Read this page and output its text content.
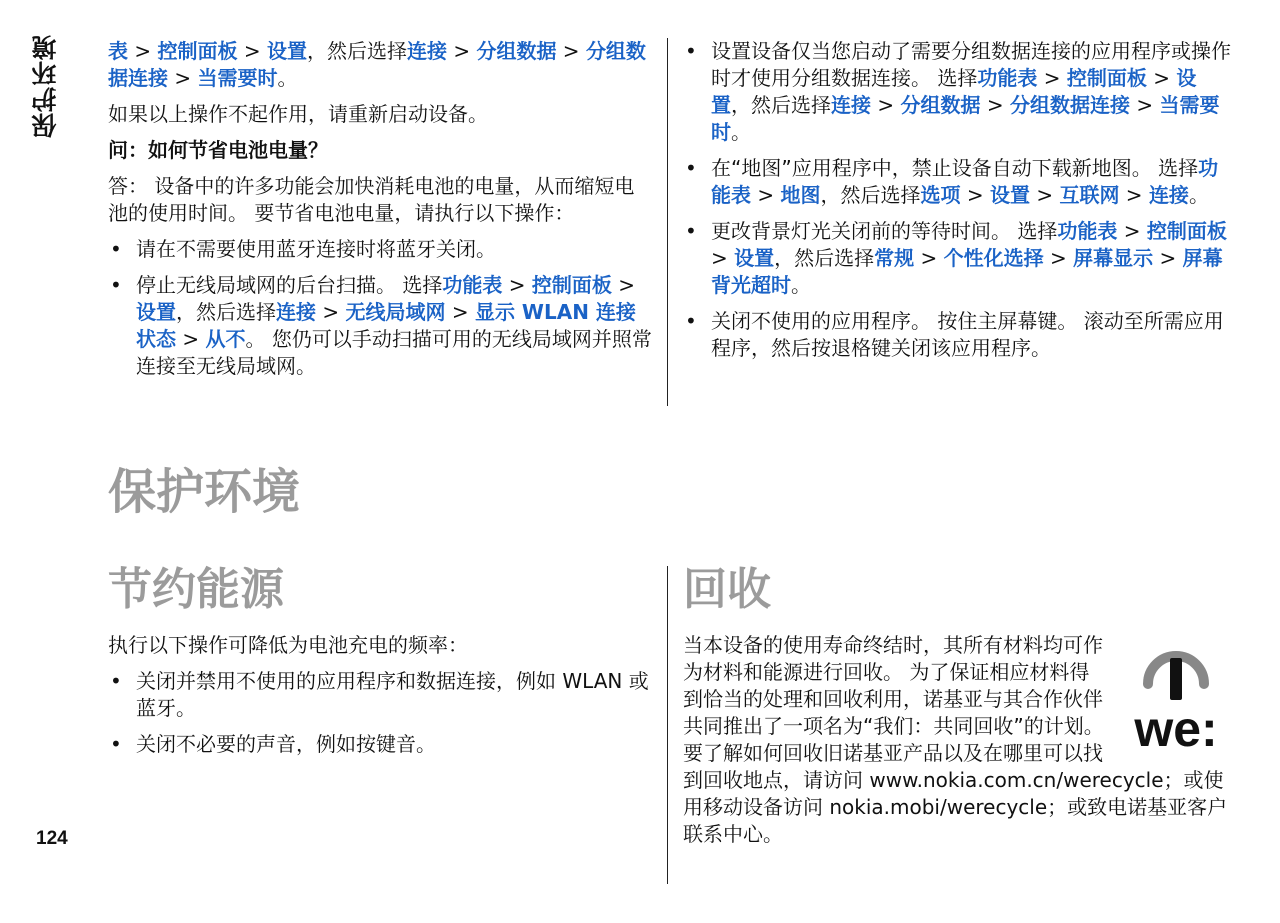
保护环境	表 > 控制面板 > 设置，然后选择连接 > 分组数据 > 分组数据连接 > 当需要时。

如果以上操作不起作用，请重新启动设备。

问：如何节省电池电量？

答： 设备中的许多功能会加快消耗电池的电量，从而缩短电池的使用时间。 要节省电池电量，请执行以下操作：

• 请在不需要使用蓝牙连接时将蓝牙关闭。
• 停止无线局域网的后台扫描。 选择功能表 > 控制面板 > 设置，然后选择连接 > 无线局域网 > 显示 WLAN 连接状态 > 从不。 您仍可以手动扫描可用的无线局域网并照常连接至无线局域网。
• 设置设备仅当您启动了需要分组数据连接的应用程序或操作时才使用分组数据连接。 选择功能表 > 控制面板 > 设置，然后选择连接 > 分组数据 > 分组数据连接 > 当需要时。
• 在“地图”应用程序中，禁止设备自动下载新地图。 选择功能表 > 地图，然后选择选项 > 设置 > 互联网 > 连接。
• 更改背景灯光关闭前的等待时间。 选择功能表 > 控制面板 > 设置，然后选择常规 > 个性化选择 > 屏幕显示 > 屏幕背光超时。
• 关闭不使用的应用程序。 按住主屏幕键。 滚动至所需应用程序，然后按退格键关闭该应用程序。
保护环境
节约能源

执行以下操作可降低为电池充电的频率：

• 关闭并禁用不使用的应用程序和数据连接，例如 WLAN 或蓝牙。
• 关闭不必要的声音，例如按键音。
回收
we:

当本设备的使用寿命终结时，其所有材料均可作为材料和能源进行回收。 为了保证相应材料得到恰当的处理和回收利用，诺基亚与其合作伙伴共同推出了一项名为“我们：共同回收”的计划。 要了解如何回收旧诺基亚产品以及在哪里可以找到回收地点，请访问 www.nokia.com.cn/werecycle；或使用移动设备访问 nokia.mobi/werecycle；或致电诺基亚客户联系中心。

124
